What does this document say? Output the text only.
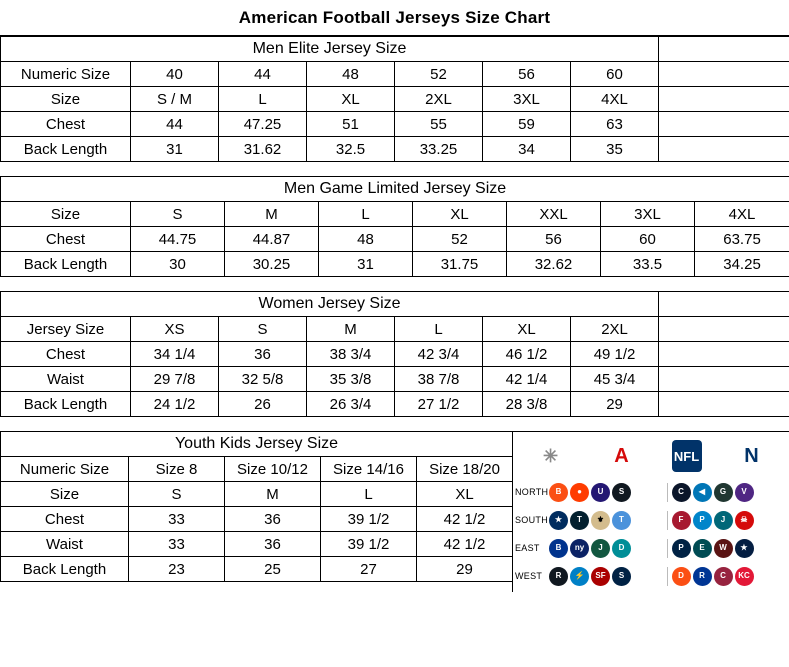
American Football Jerseys Size Chart
Men Elite Jersey Size							
Numeric Size	40	44	48	52	56	60	
Size	S / M	L	XL	2XL	3XL	4XL	
Chest	44	47.25	51	55	59	63	
Back Length	31	31.62	32.5	33.25	34	35	
Men Game Limited Jersey Size							
Size	S	M	L	XL	XXL	3XL	4XL
Chest	44.75	44.87	48	52	56	60	63.75
Back Length	30	30.25	31	31.75	32.62	33.5	34.25
Women Jersey Size							
Jersey Size	XS	S	M	L	XL	2XL	
Chest	34 1/4	36	38 3/4	42 3/4	46 1/2	49 1/2	
Waist	29 7/8	32 5/8	35 3/8	38 7/8	42 1/4	45 3/4	
Back Length	24 1/2	26	26 3/4	27 1/2	28 3/8	29	
Youth Kids Jersey Size				
Numeric Size	Size 8	Size 10/12	Size 14/16	Size 18/20
Size	S	M	L	XL
Chest	33	36	39 1/2	42 1/2
Waist	33	36	39 1/2	42 1/2
Back Length	23	25	27	29
✳	A	NFL	N
NORTH B	●	U	S	C	◀	G	V
SOUTH ★	T	⚜	T	F	P	J	☠
EAST	B	ny	J	D	P	E	W	★
WEST	R	⚡	SF	S	D	R	C	KC
